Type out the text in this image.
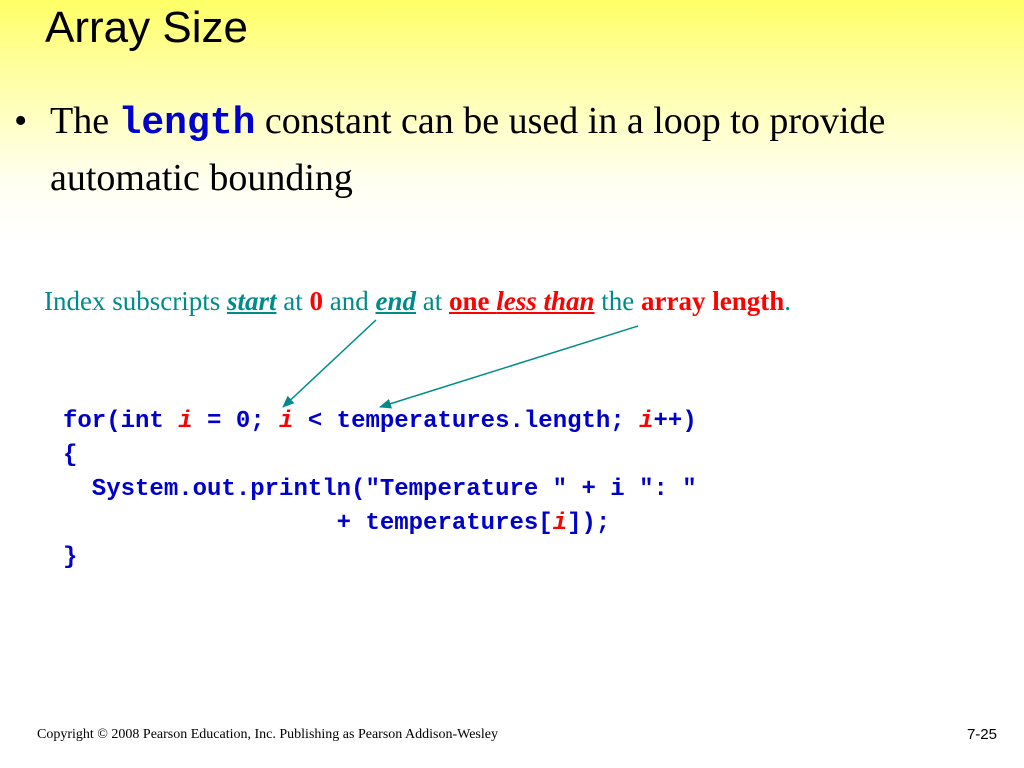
Array Size
• The length constant can be used in a loop to provide automatic bounding
Index subscripts start at 0 and end at one less than the array length.
for(int i = 0; i < temperatures.length; i++)
{
System.out.println("Temperature " + i ": "
+ temperatures[i]);
}
Copyright © 2008 Pearson Education, Inc. Publishing as Pearson Addison-Wesley	7-25
